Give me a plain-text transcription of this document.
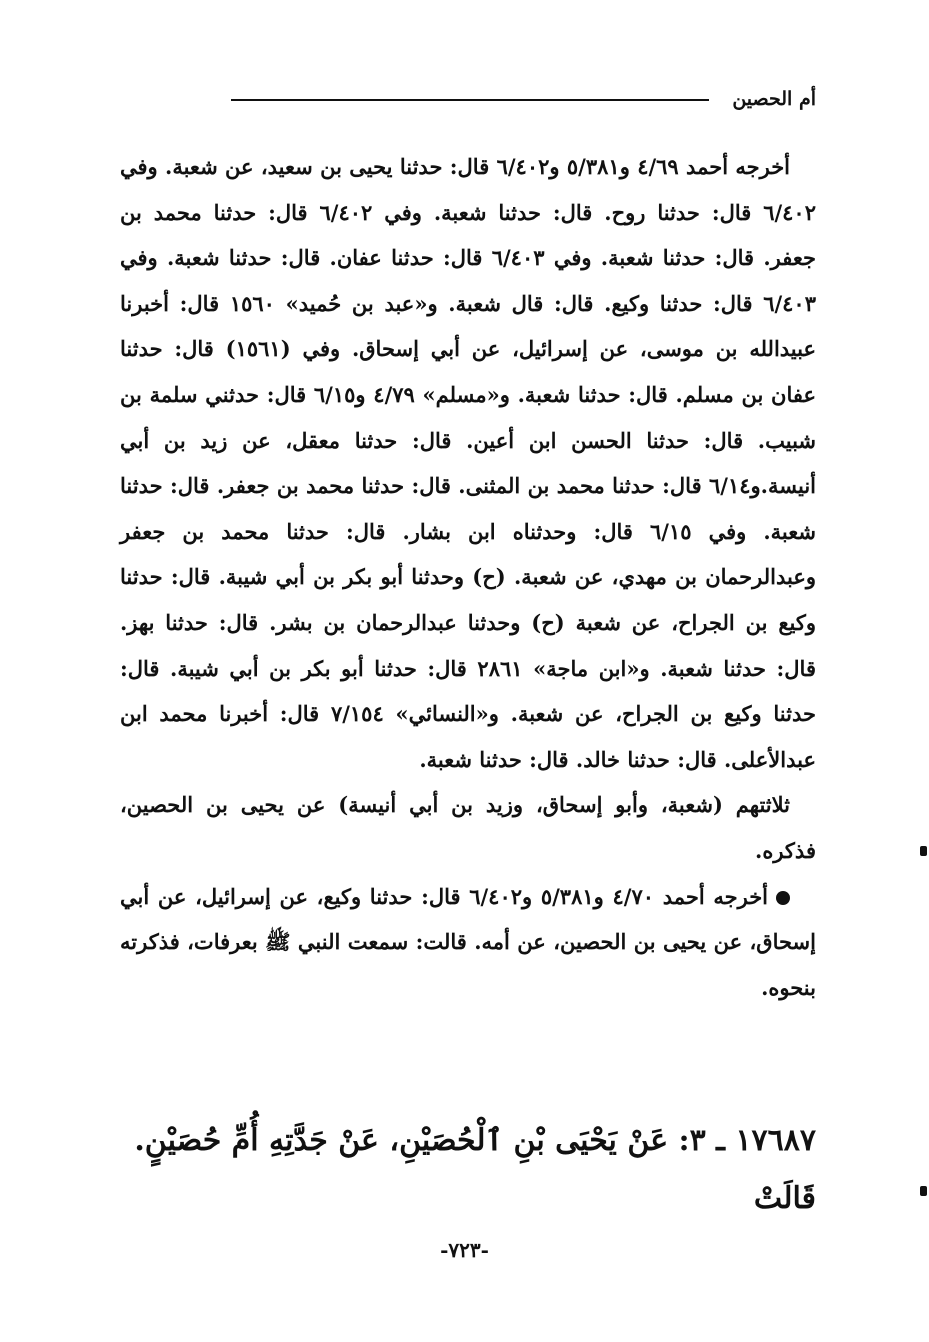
أم الحصين

أخرجه أحمد ٤/٦٩ و٥/٣٨١ و٦/٤٠٢ قال: حدثنا يحيى بن سعيد، عن شعبة. وفي ٦/٤٠٢ قال: حدثنا روح. قال: حدثنا شعبة. وفي ٦/٤٠٢ قال: حدثنا محمد بن جعفر. قال: حدثنا شعبة. وفي ٦/٤٠٣ قال: حدثنا عفان. قال: حدثنا شعبة. وفي ٦/٤٠٣ قال: حدثنا وكيع. قال: قال شعبة. و«عبد بن حُميد» ١٥٦٠ قال: أخبرنا عبيدالله بن موسى، عن إسرائيل، عن أبي إسحاق. وفي (١٥٦١) قال: حدثنا عفان بن مسلم. قال: حدثنا شعبة. و«مسلم» ٤/٧٩ و٦/١٥ قال: حدثني سلمة بن شبيب. قال: حدثنا الحسن ابن أعين. قال: حدثنا معقل، عن زيد بن أبي أنيسة.و٦/١٤ قال: حدثنا محمد بن المثنى. قال: حدثنا محمد بن جعفر. قال: حدثنا شعبة. وفي ٦/١٥ قال: وحدثناه ابن بشار. قال: حدثنا محمد بن جعفر وعبدالرحمان بن مهدي، عن شعبة. (ح) وحدثنا أبو بكر بن أبي شيبة. قال: حدثنا وكيع بن الجراح، عن شعبة (ح) وحدثنا عبدالرحمان بن بشر. قال: حدثنا بهز. قال: حدثنا شعبة. و«ابن ماجة» ٢٨٦١ قال: حدثنا أبو بكر بن أبي شيبة. قال: حدثنا وكيع بن الجراح، عن شعبة. و«النسائي» ٧/١٥٤ قال: أخبرنا محمد ابن عبدالأعلى. قال: حدثنا خالد. قال: حدثنا شعبة.

ثلاثتهم (شعبة، وأبو إسحاق، وزيد بن أبي أنيسة) عن يحيى بن الحصين، فذكره.

أخرجه أحمد ٤/٧٠ و٥/٣٨١ و٦/٤٠٢ قال: حدثنا وكيع، عن إسرائيل، عن أبي إسحاق، عن يحيى بن الحصين، عن أمه. قالت: سمعت النبي ﷺ بعرفات، فذكرته بنحوه.

١٧٦٨٧ ـ ٣: عَنْ يَحْيَى بْنِ ٱلْحُصَيْنِ، عَنْ جَدَّتِهِ أُمِّ حُصَيْنٍ.
قَالَتْ
-٧٢٣-
